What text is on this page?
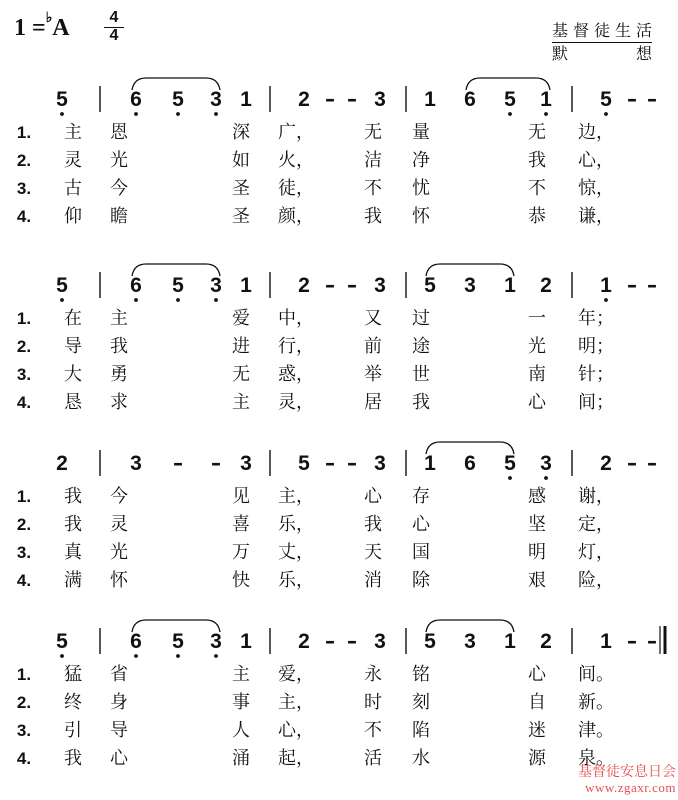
1 =♭A	4
4	基督徒生活
默　　想
5	6 5 3 1 2 – – 3 1 6 5 1 5 – –
1. 主 恩	深 广，	无 量	无 边，
2. 灵 光	如 火，	洁 净	我 心，
3. 古 今	圣 徒，	不 忧	不 惊，
4. 仰 瞻	圣 颜，	我 怀	恭 谦，
5	6 5 3 1 2 – – 3 5 3 1 2 1 – –
1. 在 主	爱 中，	又 过	一 年；
2. 导 我	进 行，	前 途	光 明；
3. 大 勇	无 惑，	举 世	南 针；
4. 恳 求	主 灵，	居 我	心 间；
2	3 – – 3 5 – – 3 1 6 5 3 2 – –
1. 我 今	见 主，	心 存	感 谢，
2. 我 灵	喜 乐，	我 心	坚 定，
3. 真 光	万 丈，	天 国	明 灯，
4. 满 怀	快 乐，	消 除	艰 险，
5	6 5 3 1 2 – – 3 5 3 1 2 1 – –
1. 猛 省	主 爱，	永 铭	心 间。
2. 终 身	事 主，	时 刻	自 新。
3. 引 导	人 心，	不 陷	迷 津。
4. 我 心	涌 起，	活 水	源 泉。
基督徒安息日会
www.zgaxr.com
